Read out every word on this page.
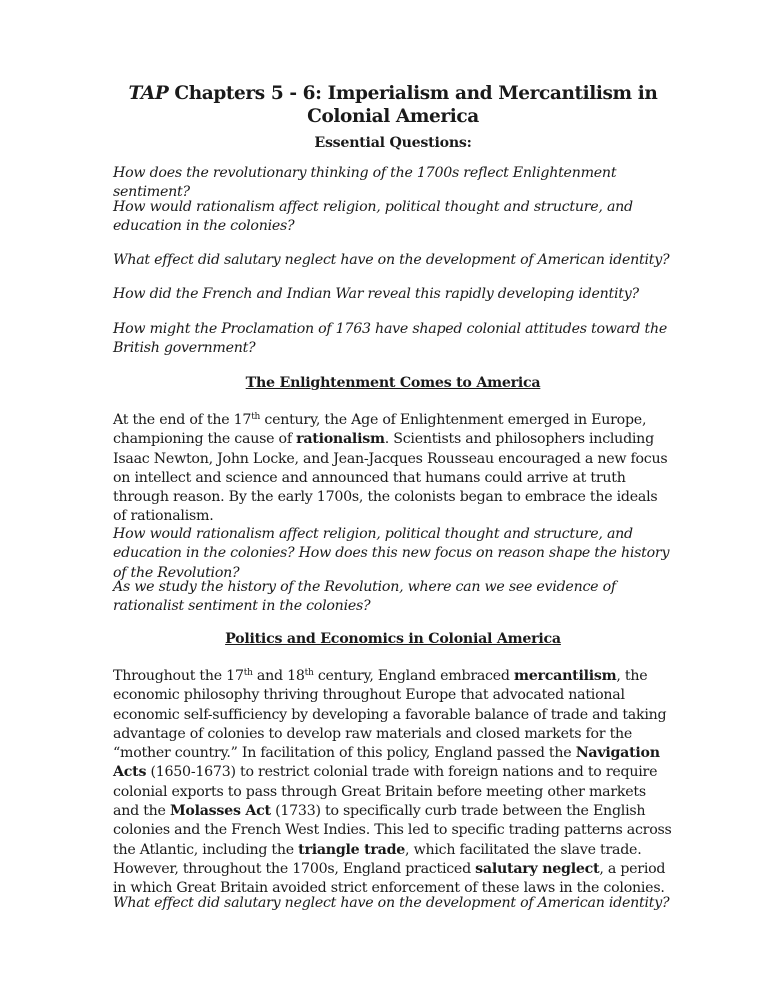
TAP Chapters 5 - 6: Imperialism and Mercantilism in Colonial America
Essential Questions:

How does the revolutionary thinking of the 1700s reflect Enlightenment sentiment?

How would rationalism affect religion, political thought and structure, and education in the colonies?

What effect did salutary neglect have on the development of American identity?

How did the French and Indian War reveal this rapidly developing identity?

How might the Proclamation of 1763 have shaped colonial attitudes toward the British government?

The Enlightenment Comes to America

At the end of the 17th century, the Age of Enlightenment emerged in Europe, championing the cause of rationalism. Scientists and philosophers including Isaac Newton, John Locke, and Jean-Jacques Rousseau encouraged a new focus on intellect and science and announced that humans could arrive at truth through reason. By the early 1700s, the colonists began to embrace the ideals of rationalism.

How would rationalism affect religion, political thought and structure, and education in the colonies? How does this new focus on reason shape the history of the Revolution?

As we study the history of the Revolution, where can we see evidence of rationalist sentiment in the colonies?

Politics and Economics in Colonial America

Throughout the 17th and 18th century, England embraced mercantilism, the economic philosophy thriving throughout Europe that advocated national economic self-sufficiency by developing a favorable balance of trade and taking advantage of colonies to develop raw materials and closed markets for the “mother country.” In facilitation of this policy, England passed the Navigation Acts (1650-1673) to restrict colonial trade with foreign nations and to require colonial exports to pass through Great Britain before meeting other markets and the Molasses Act (1733) to specifically curb trade between the English colonies and the French West Indies. This led to specific trading patterns across the Atlantic, including the triangle trade, which facilitated the slave trade. However, throughout the 1700s, England practiced salutary neglect, a period in which Great Britain avoided strict enforcement of these laws in the colonies.

What effect did salutary neglect have on the development of American identity?
